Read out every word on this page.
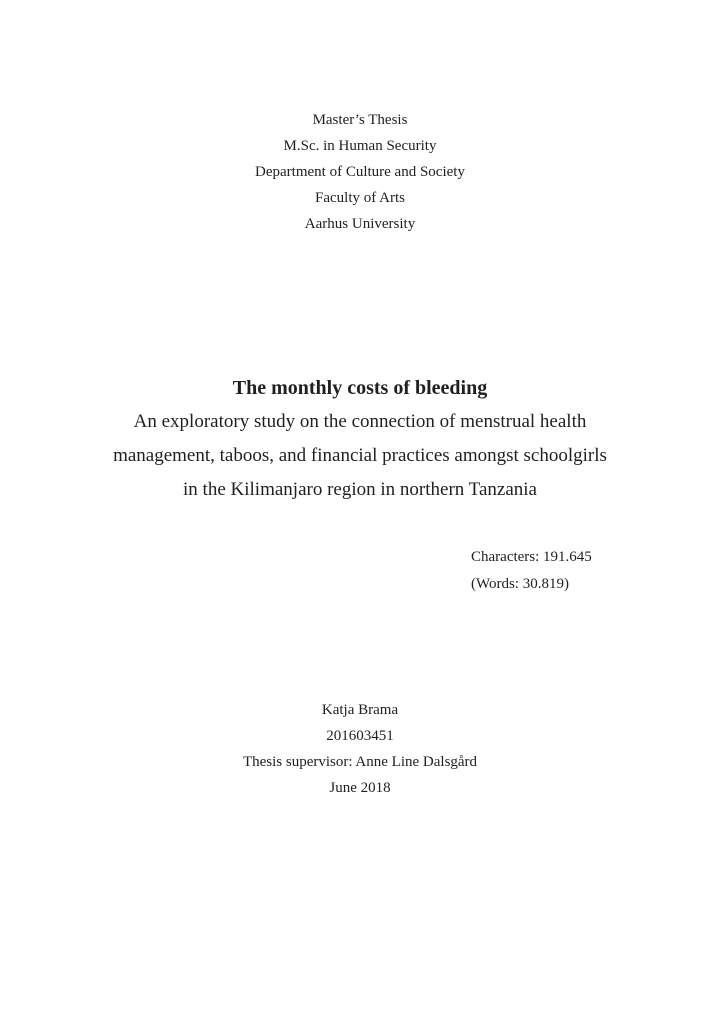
Master’s Thesis
M.Sc. in Human Security
Department of Culture and Society
Faculty of Arts
Aarhus University
The monthly costs of bleeding
An exploratory study on the connection of menstrual health
management, taboos, and financial practices amongst schoolgirls
in the Kilimanjaro region in northern Tanzania
Characters: 191.645
(Words: 30.819)
Katja Brama
201603451
Thesis supervisor: Anne Line Dalsgård
June 2018
